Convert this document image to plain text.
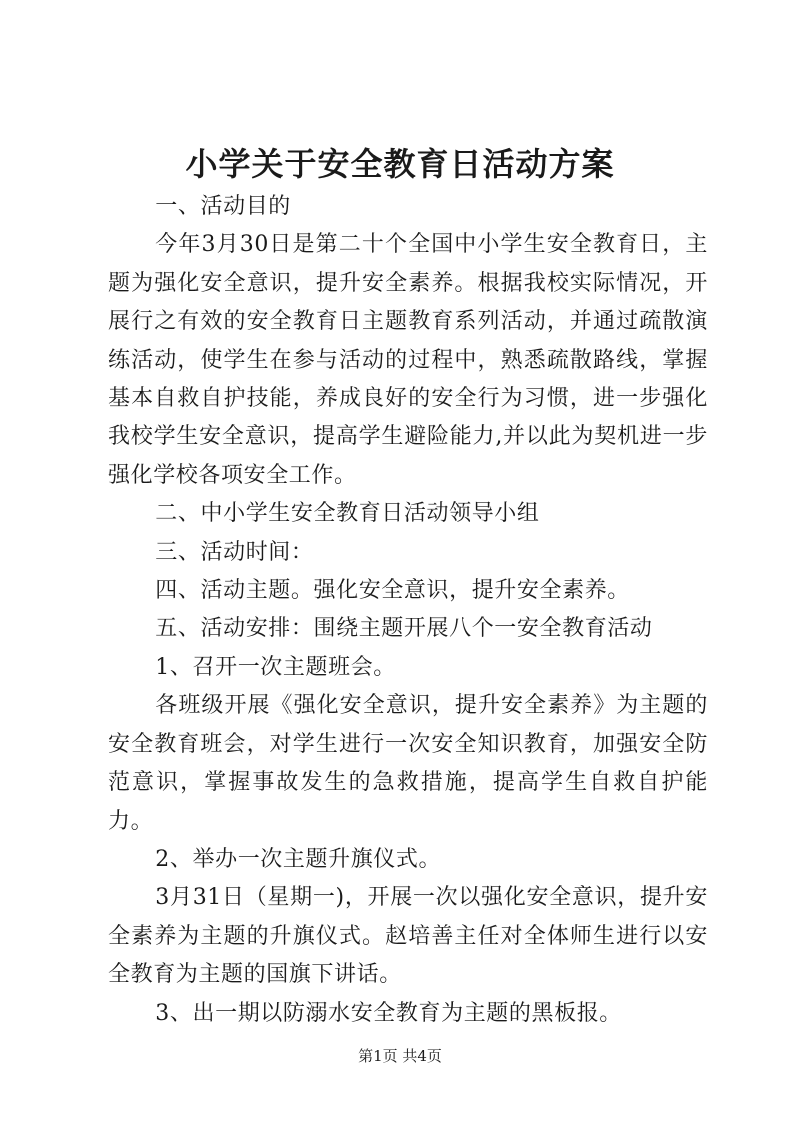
小学关于安全教育日活动方案

一、活动目的

今年3月30日是第二十个全国中小学生安全教育日，主题为强化安全意识，提升安全素养。根据我校实际情况，开展行之有效的安全教育日主题教育系列活动，并通过疏散演练活动，使学生在参与活动的过程中，熟悉疏散路线，掌握基本自救自护技能，养成良好的安全行为习惯，进一步强化我校学生安全意识，提高学生避险能力,并以此为契机进一步强化学校各项安全工作。

二、中小学生安全教育日活动领导小组

三、活动时间：

四、活动主题。强化安全意识，提升安全素养。

五、活动安排：围绕主题开展八个一安全教育活动

1、召开一次主题班会。

各班级开展《强化安全意识，提升安全素养》为主题的安全教育班会，对学生进行一次安全知识教育，加强安全防范意识，掌握事故发生的急救措施，提高学生自救自护能力。

2、举办一次主题升旗仪式。

3月31日（星期一)，开展一次以强化安全意识，提升安全素养为主题的升旗仪式。赵培善主任对全体师生进行以安全教育为主题的国旗下讲话。

3、出一期以防溺水安全教育为主题的黑板报。

第1页 共4页
